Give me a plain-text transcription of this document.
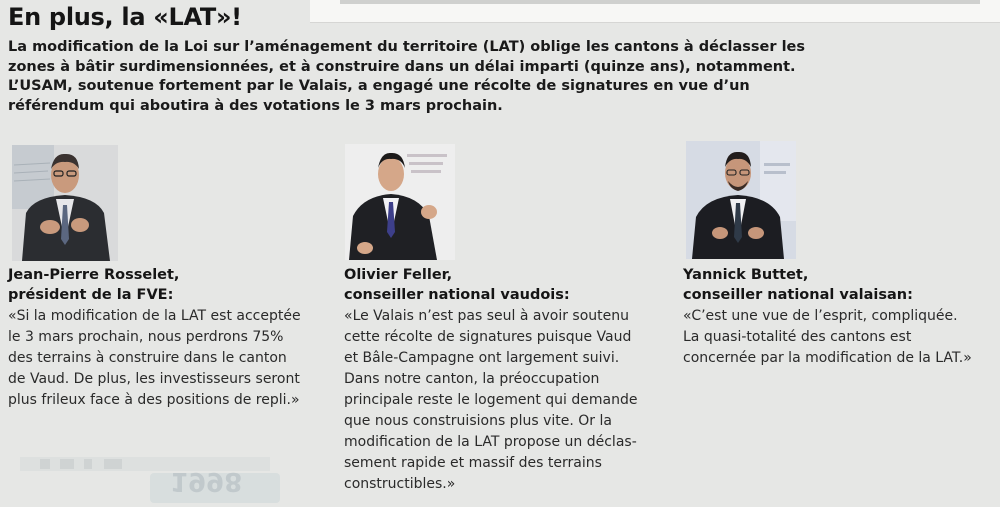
En plus, la «LAT»!

La modification de la Loi sur l’aménagement du territoire (LAT) oblige les cantons à déclasser les zones à bâtir surdimensionnées, et à construire dans un délai imparti (quinze ans), notamment. L’USAM, soutenue fortement par le Valais, a engagé une récolte de signatures en vue d’un référendum qui aboutira à des votations le 3 mars prochain.

Jean-Pierre Rosselet,
président de la FVE:
«Si la modification de la LAT est acceptée
le 3 mars prochain, nous perdrons 75%
des terrains à construire dans le canton
de Vaud. De plus, les investisseurs seront
plus frileux face à des positions de repli.»
Olivier Feller,
conseiller national vaudois:
«Le Valais n’est pas seul à avoir soutenu
cette récolte de signatures puisque Vaud
et Bâle-Campagne ont largement suivi.
Dans notre canton, la préoccupation
principale reste le logement qui demande
que nous construisions plus vite. Or la
modification de la LAT propose un déclas-
sement rapide et massif des terrains
constructibles.»
Yannick Buttet,
conseiller national valaisan:
«C’est une vue de l’esprit, compliquée.
La quasi-totalité des cantons est
concernée par la modification de la LAT.»
1998
